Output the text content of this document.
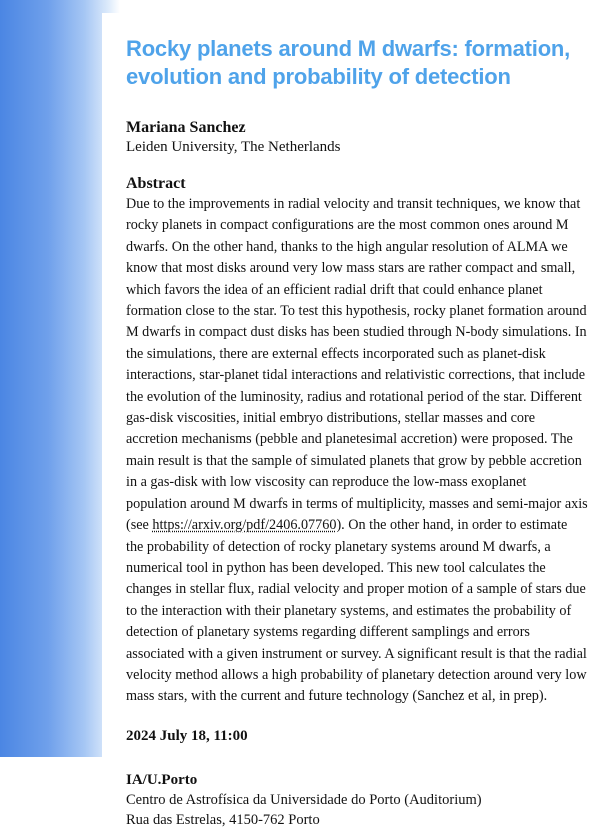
Rocky planets around M dwarfs: formation, evolution and probability of detection
Mariana Sanchez
Leiden University, The Netherlands
Abstract
Due to the improvements in radial velocity and transit techniques, we know that rocky planets in compact configurations are the most common ones around M dwarfs. On the other hand, thanks to the high angular resolution of ALMA we know that most disks around very low mass stars are rather compact and small, which favors the idea of an efficient radial drift that could enhance planet formation close to the star. To test this hypothesis, rocky planet formation around M dwarfs in compact dust disks has been studied through N-body simulations. In the simulations, there are external effects incorporated such as planet-disk interactions, star-planet tidal interactions and relativistic corrections, that include the evolution of the luminosity, radius and rotational period of the star. Different gas-disk viscosities, initial embryo distributions, stellar masses and core accretion mechanisms (pebble and planetesimal accretion) were proposed. The main result is that the sample of simulated planets that grow by pebble accretion in a gas-disk with low viscosity can reproduce the low-mass exoplanet population around M dwarfs in terms of multiplicity, masses and semi-major axis (see https://arxiv.org/pdf/2406.07760). On the other hand, in order to estimate the probability of detection of rocky planetary systems around M dwarfs, a numerical tool in python has been developed. This new tool calculates the changes in stellar flux, radial velocity and proper motion of a sample of stars due to the interaction with their planetary systems, and estimates the probability of detection of planetary systems regarding different samplings and errors associated with a given instrument or survey. A significant result is that the radial velocity method allows a high probability of planetary detection around very low mass stars, with the current and future technology (Sanchez et al, in prep).
2024 July 18, 11:00
IA/U.Porto
Centro de Astrofísica da Universidade do Porto (Auditorium)
Rua das Estrelas, 4150-762 Porto
